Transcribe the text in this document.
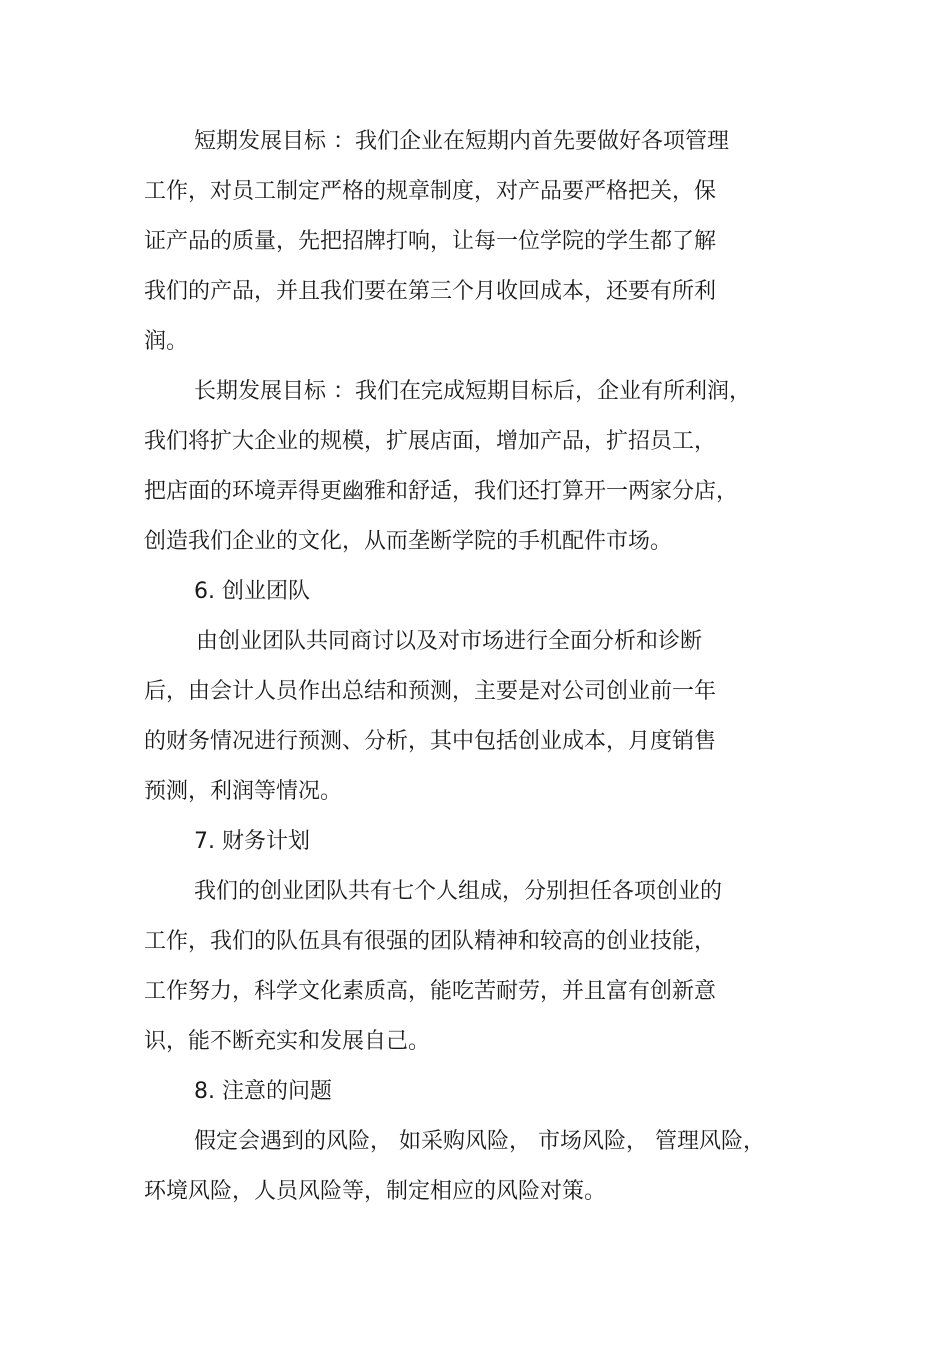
短期发展目标 ：我们企业在短期内首先要做好各项管理
工作，对员工制定严格的规章制度，对产品要严格把关，保
证产品的质量，先把招牌打响，让每一位学院的学生都了解
我们的产品，并且我们要在第三个月收回成本，还要有所利
润。
长期发展目标 ：我们在完成短期目标后，企业有所利润，
我们将扩大企业的规模，扩展店面，增加产品，扩招员工，
把店面的环境弄得更幽雅和舒适，我们还打算开一两家分店，
创造我们企业的文化，从而垄断学院的手机配件市场。
6. 创业团队
由创业团队共同商讨以及对市场进行全面分析和诊断
后，由会计人员作出总结和预测，主要是对公司创业前一年
的财务情况进行预测、分析，其中包括创业成本，月度销售
预测，利润等情况。
7. 财务计划
我们的创业团队共有七个人组成，分别担任各项创业的
工作，我们的队伍具有很强的团队精神和较高的创业技能，
工作努力，科学文化素质高，能吃苦耐劳，并且富有创新意
识，能不断充实和发展自己。
8. 注意的问题
假定会遇到的风险， 如采购风险， 市场风险， 管理风险，
环境风险，人员风险等，制定相应的风险对策。
